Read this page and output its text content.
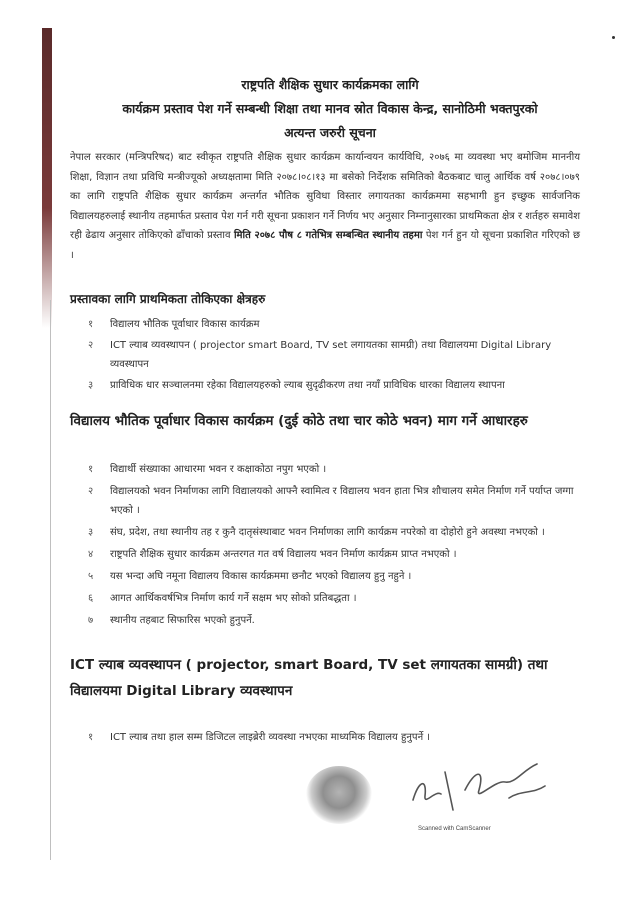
राष्ट्रपति शैक्षिक सुधार कार्यक्रमका लागि
कार्यक्रम प्रस्ताव पेश गर्ने सम्बन्धी शिक्षा तथा मानव स्रोत विकास केन्द्र, सानोठिमी भक्तपुरको
अत्यन्त जरुरी सूचना
नेपाल सरकार (मन्त्रिपरिषद) बाट स्वीकृत राष्ट्रपति शैक्षिक सुधार कार्यक्रम कार्यान्वयन कार्यविधि, २०७६ मा व्यवस्था भए बमोजिम माननीय शिक्षा, विज्ञान तथा प्रविधि मन्त्रीज्यूको अध्यक्षतामा मिति २०७८।०८।१३ मा बसेको निर्देशक समितिको बैठकबाट चालु आर्थिक वर्ष २०७८।०७९ का लागि राष्ट्रपति शैक्षिक सुधार कार्यक्रम अन्तर्गत भौतिक सुविधा विस्तार लगायतका कार्यक्रममा सहभागी हुन इच्छुक सार्वजनिक विद्यालयहरुलाई स्थानीय तहमार्फत प्रस्ताव पेश गर्न गरी सूचना प्रकाशन गर्ने निर्णय भए अनुसार निम्नानुसारका प्राथमिकता क्षेत्र र शर्तहरु समावेश रही ढेढाय अनुसार तोकिएको ढाँचाको प्रस्ताव मिति २०७८ पौष ८ गतेभित्र सम्बन्धित स्थानीय तहमा पेश गर्न हुन यो सूचना प्रकाशित गरिएको छ ।
प्रस्तावका लागि प्राथमिकता तोकिएका क्षेत्रहरु
१ विद्यालय भौतिक पूर्वाधार विकास कार्यक्रम
२ ICT ल्याब व्यवस्थापन ( projector smart Board, TV set लगायतका सामग्री) तथा विद्यालयमा Digital Library व्यवस्थापन
३ प्राविधिक धार सञ्चालनमा रहेका विद्यालयहरुको ल्याब सुदृढीकरण तथा नयाँ प्राविधिक धारका विद्यालय स्थापना
विद्यालय भौतिक पूर्वाधार विकास कार्यक्रम (दुई कोठे तथा चार कोठे भवन) माग गर्ने आधारहरु
१ विद्यार्थी संख्याका आधारमा भवन र कक्षाकोठा नपुग भएको ।
२ विद्यालयको भवन निर्माणका लागि विद्यालयको आफ्नै स्वामित्व र विद्यालय भवन हाता भित्र शौचालय समेत निर्माण गर्ने पर्याप्त जग्गा भएको ।
३ संघ, प्रदेश, तथा स्थानीय तह र कुनै दातृसंस्थाबाट भवन निर्माणका लागि कार्यक्रम नपरेको वा दोहोरो हुने अवस्था नभएको ।
४ राष्ट्रपति शैक्षिक सुधार कार्यक्रम अन्तरगत गत वर्ष विद्यालय भवन निर्माण कार्यक्रम प्राप्त नभएको ।
५ यस भन्दा अघि नमूना विद्यालय विकास कार्यक्रममा छनौट भएको विद्यालय हुनु नहुने ।
६ आगत आर्थिकवर्षभित्र निर्माण कार्य गर्ने सक्षम भए सोको प्रतिबद्धता ।
७ स्थानीय तहबाट सिफारिस भएको हुनुपर्ने.
ICT ल्याब व्यवस्थापन ( projector, smart Board, TV set लगायतका सामग्री) तथा विद्यालयमा Digital Library व्यवस्थापन
१ ICT ल्याब तथा हाल सम्म डिजिटल लाइब्रेरी व्यवस्था नभएका माध्यमिक विद्यालय हुनुपर्ने ।
Scanned with CamScanner
